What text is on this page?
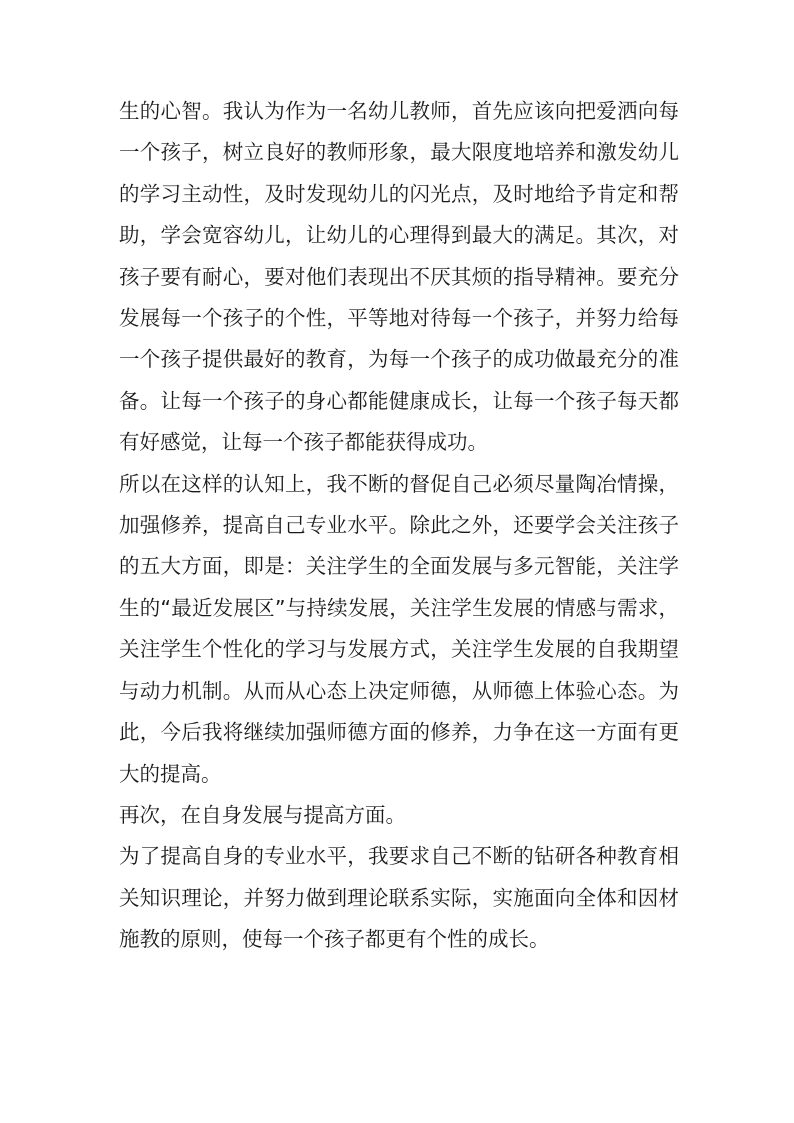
生的心智。我认为作为一名幼儿教师，首先应该向把爱洒向每一个孩子，树立良好的教师形象，最大限度地培养和激发幼儿的学习主动性，及时发现幼儿的闪光点，及时地给予肯定和帮助，学会宽容幼儿，让幼儿的心理得到最大的满足。其次，对孩子要有耐心，要对他们表现出不厌其烦的指导精神。要充分发展每一个孩子的个性，平等地对待每一个孩子，并努力给每一个孩子提供最好的教育，为每一个孩子的成功做最充分的准备。让每一个孩子的身心都能健康成长，让每一个孩子每天都有好感觉，让每一个孩子都能获得成功。

所以在这样的认知上，我不断的督促自己必须尽量陶冶情操，加强修养，提高自己专业水平。除此之外，还要学会关注孩子的五大方面，即是：关注学生的全面发展与多元智能，关注学生的“最近发展区”与持续发展，关注学生发展的情感与需求，关注学生个性化的学习与发展方式，关注学生发展的自我期望与动力机制。从而从心态上决定师德，从师德上体验心态。为此，今后我将继续加强师德方面的修养，力争在这一方面有更大的提高。

再次，在自身发展与提高方面。

为了提高自身的专业水平，我要求自己不断的钻研各种教育相关知识理论，并努力做到理论联系实际，实施面向全体和因材施教的原则，使每一个孩子都更有个性的成长。
